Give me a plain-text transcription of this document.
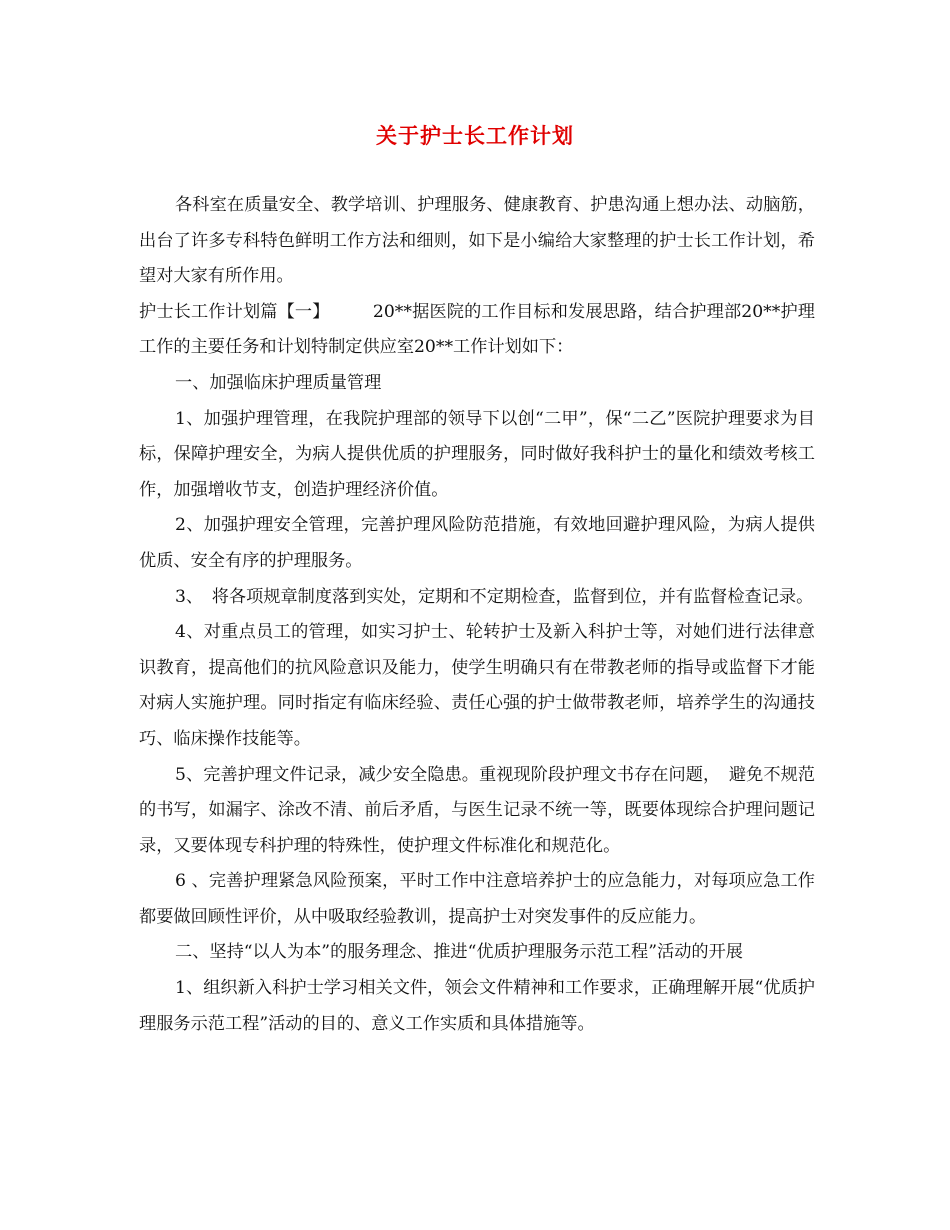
关于护士长工作计划

各科室在质量安全、教学培训、护理服务、健康教育、护患沟通上想办法、动脑筋，出台了许多专科特色鲜明工作方法和细则，如下是小编给大家整理的护士长工作计划，希望对大家有所作用。

护士长工作计划篇【一】　　　20**据医院的工作目标和发展思路，结合护理部20**护理工作的主要任务和计划特制定供应室20**工作计划如下：

一、加强临床护理质量管理

1、加强护理管理，在我院护理部的领导下以创“二甲”，保“二乙”医院护理要求为目标，保障护理安全，为病人提供优质的护理服务，同时做好我科护士的量化和绩效考核工作，加强增收节支，创造护理经济价值。

2、加强护理安全管理，完善护理风险防范措施，有效地回避护理风险，为病人提供优质、安全有序的护理服务。

3、　将各项规章制度落到实处，定期和不定期检查，监督到位，并有监督检查记录。

4、对重点员工的管理，如实习护士、轮转护士及新入科护士等，对她们进行法律意识教育，提高他们的抗风险意识及能力，使学生明确只有在带教老师的指导或监督下才能对病人实施护理。同时指定有临床经验、责任心强的护士做带教老师，培养学生的沟通技巧、临床操作技能等。

5、完善护理文件记录，减少安全隐患。重视现阶段护理文书存在问题，　避免不规范的书写，如漏字、涂改不清、前后矛盾，与医生记录不统一等，既要体现综合护理问题记录，又要体现专科护理的特殊性，使护理文件标准化和规范化。

6 、完善护理紧急风险预案，平时工作中注意培养护士的应急能力，对每项应急工作都要做回顾性评价，从中吸取经验教训，提高护士对突发事件的反应能力。

二、坚持“以人为本”的服务理念、推进“优质护理服务示范工程”活动的开展

1、组织新入科护士学习相关文件，领会文件精神和工作要求，正确理解开展“优质护理服务示范工程”活动的目的、意义工作实质和具体措施等。
